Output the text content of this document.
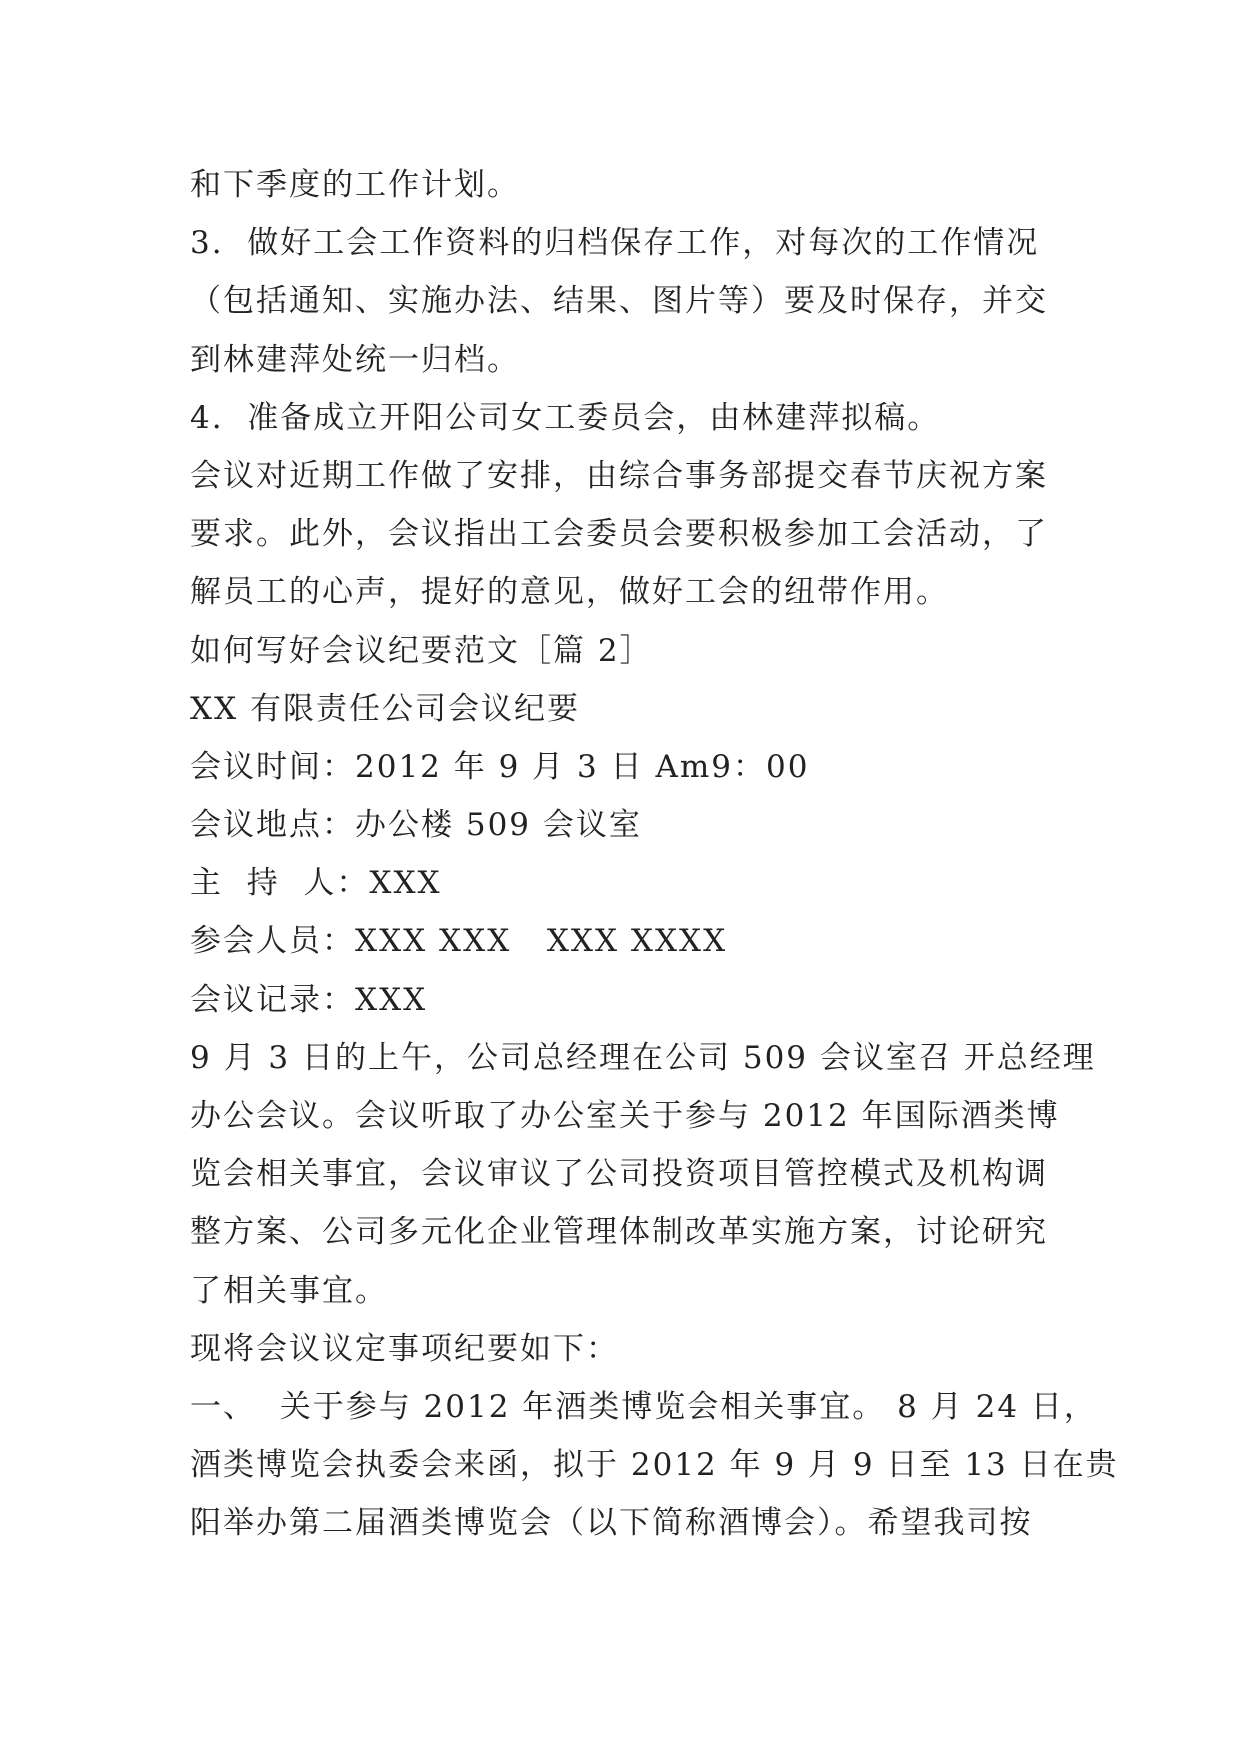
和下季度的工作计划。
3.  做好工会工作资料的归档保存工作，对每次的工作情况
（包括通知、实施办法、结果、图片等）要及时保存，并交
到林建萍处统一归档。
4.  准备成立开阳公司女工委员会，由林建萍拟稿。
会议对近期工作做了安排，由综合事务部提交春节庆祝方案
要求。此外，会议指出工会委员会要积极参加工会活动，了
解员工的心声，提好的意见，做好工会的纽带作用。
如何写好会议纪要范文［篇 2］
XX 有限责任公司会议纪要
会议时间：2012 年 9 月 3 日 Am9：00
会议地点：办公楼 509 会议室
主  持  人：XXX
参会人员：XXX XXX   XXX XXXX
会议记录：XXX
9 月 3 日的上午，公司总经理在公司 509 会议室召 开总经理
办公会议。会议听取了办公室关于参与 2012 年国际酒类博
览会相关事宜，会议审议了公司投资项目管控模式及机构调
整方案、公司多元化企业管理体制改革实施方案，讨论研究
了相关事宜。
现将会议议定事项纪要如下：
一、  关于参与 2012 年酒类博览会相关事宜。 8 月 24 日，
酒类博览会执委会来函，拟于 2012 年 9 月 9 日至 13 日在贵
阳举办第二届酒类博览会（以下简称酒博会）。希望我司按
